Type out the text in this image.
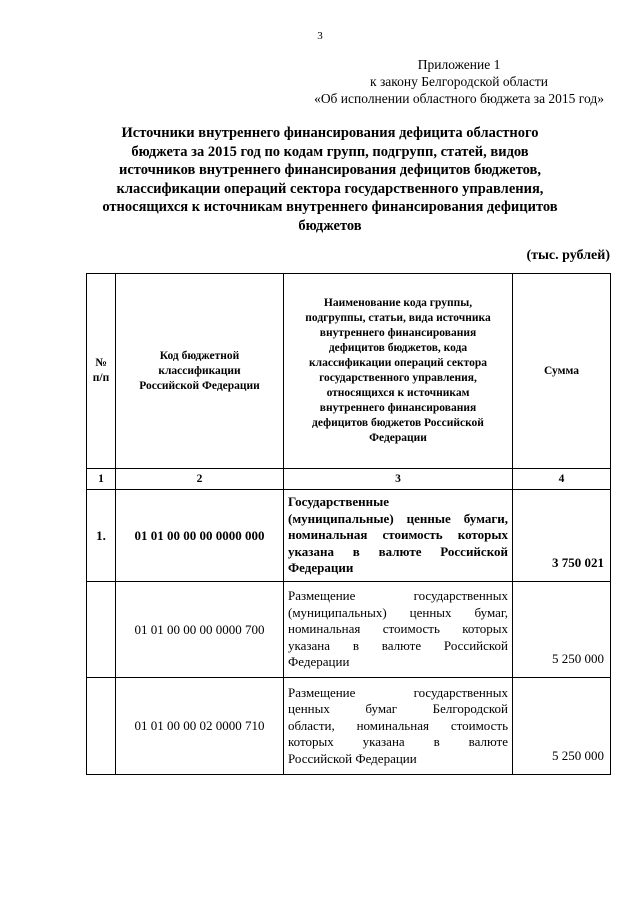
3
Приложение 1
к закону Белгородской области
«Об исполнении областного бюджета за 2015 год»
Источники внутреннего финансирования дефицита областного
бюджета за 2015 год по кодам групп, подгрупп, статей, видов
источников внутреннего финансирования дефицитов бюджетов,
классификации операций сектора государственного управления,
относящихся к источникам внутреннего финансирования дефицитов
бюджетов
(тыс. рублей)
№ п/п	Код бюджетной классификации Российской Федерации	Наименование кода группы, подгруппы, статьи, вида источника внутреннего финансирования дефицитов бюджетов, кода классификации операций сектора государственного управления, относящихся к источникам внутреннего финансирования дефицитов бюджетов Российской Федерации	Сумма
1	2	3	4
1.	01 01 00 00 00 0000 000	Государственные
(муниципальные) ценные бумаги,
номинальная стоимость которых
указана в валюте Российской
Федерации	3 750 021
	01 01 00 00 00 0000 700	Размещение государственных
(муниципальных) ценных бумаг,
номинальная стоимость которых
указана в валюте Российской
Федерации	5 250 000
	01 01 00 00 02 0000 710	Размещение государственных
ценных бумаг Белгородской
области, номинальная стоимость
которых указана в валюте
Российской Федерации	5 250 000
